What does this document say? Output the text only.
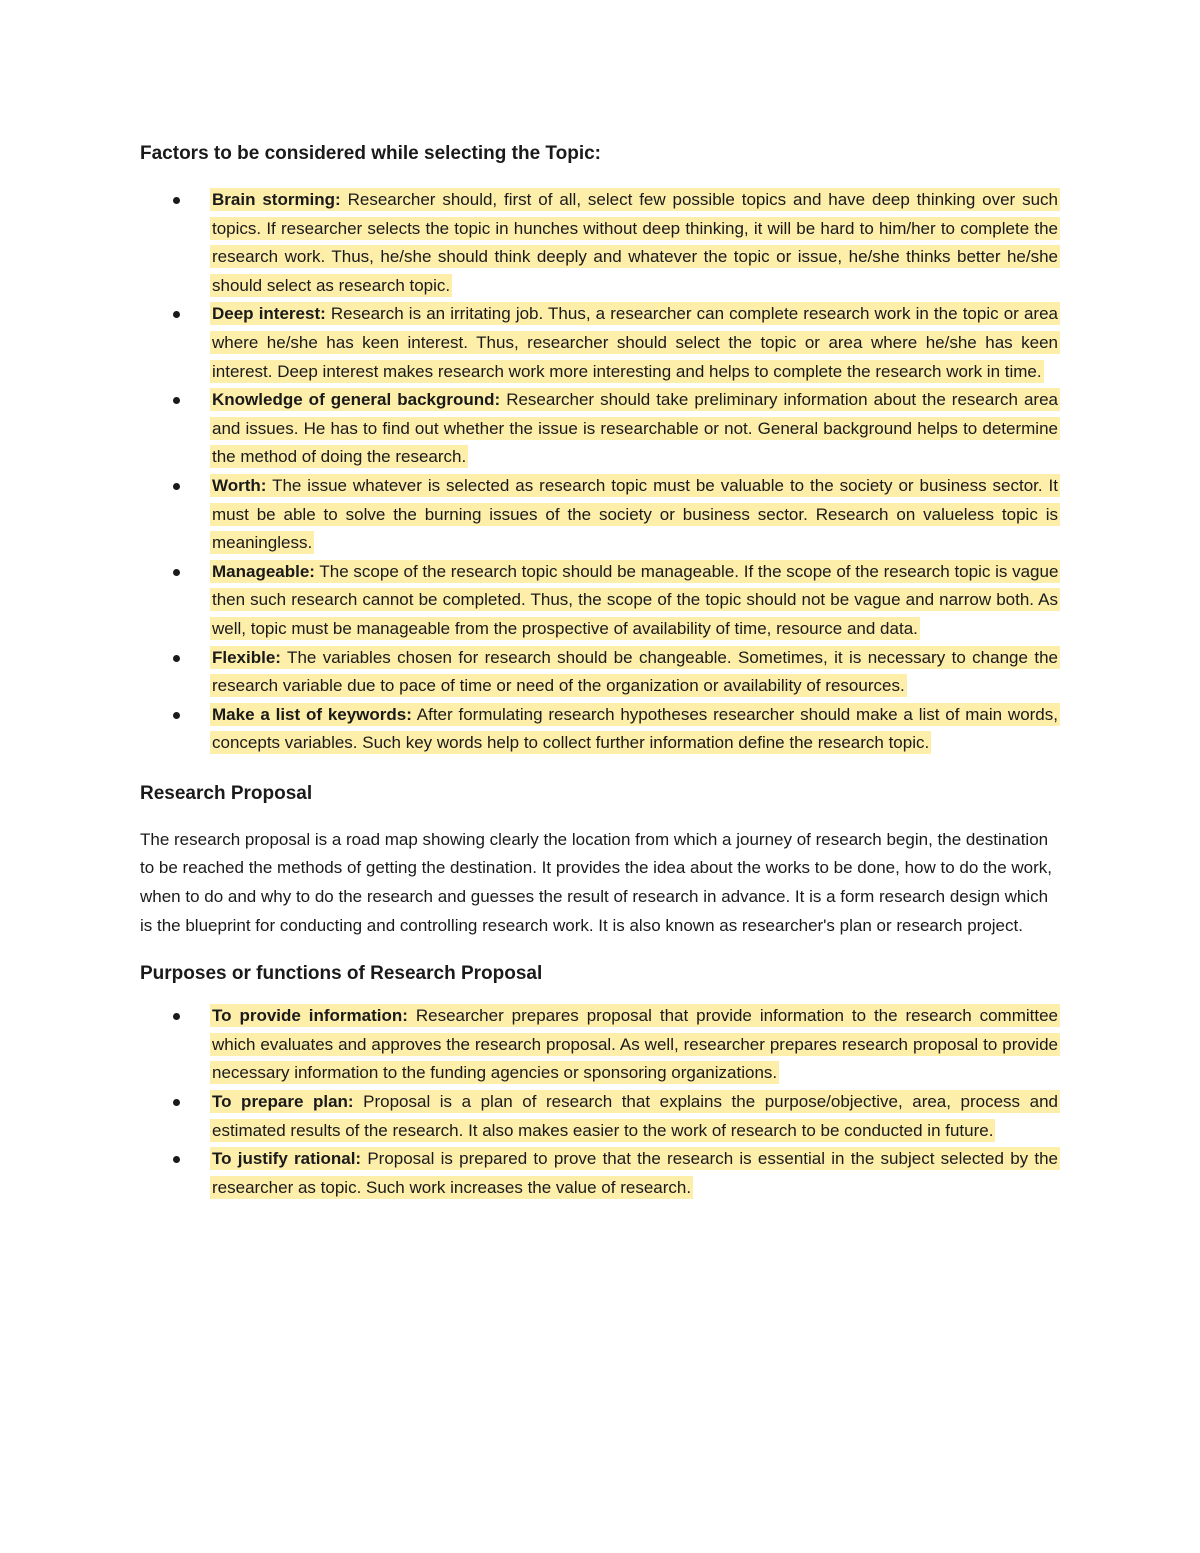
Factors to be considered while selecting the Topic:
Brain storming: Researcher should, first of all, select few possible topics and have deep thinking over such topics. If researcher selects the topic in hunches without deep thinking, it will be hard to him/her to complete the research work. Thus, he/she should think deeply and whatever the topic or issue, he/she thinks better he/she should select as research topic.
Deep interest: Research is an irritating job. Thus, a researcher can complete research work in the topic or area where he/she has keen interest. Thus, researcher should select the topic or area where he/she has keen interest. Deep interest makes research work more interesting and helps to complete the research work in time.
Knowledge of general background: Researcher should take preliminary information about the research area and issues. He has to find out whether the issue is researchable or not. General background helps to determine the method of doing the research.
Worth: The issue whatever is selected as research topic must be valuable to the society or business sector. It must be able to solve the burning issues of the society or business sector. Research on valueless topic is meaningless.
Manageable: The scope of the research topic should be manageable. If the scope of the research topic is vague then such research cannot be completed. Thus, the scope of the topic should not be vague and narrow both. As well, topic must be manageable from the prospective of availability of time, resource and data.
Flexible: The variables chosen for research should be changeable. Sometimes, it is necessary to change the research variable due to pace of time or need of the organization or availability of resources.
Make a list of keywords: After formulating research hypotheses researcher should make a list of main words, concepts variables. Such key words help to collect further information define the research topic.
Research Proposal

The research proposal is a road map showing clearly the location from which a journey of research begin, the destination to be reached the methods of getting the destination. It provides the idea about the works to be done, how to do the work, when to do and why to do the research and guesses the result of research in advance. It is a form research design which is the blueprint for conducting and controlling research work. It is also known as researcher's plan or research project.

Purposes or functions of Research Proposal
To provide information: Researcher prepares proposal that provide information to the research committee which evaluates and approves the research proposal. As well, researcher prepares research proposal to provide necessary information to the funding agencies or sponsoring organizations.
To prepare plan: Proposal is a plan of research that explains the purpose/objective, area, process and estimated results of the research. It also makes easier to the work of research to be conducted in future.
To justify rational: Proposal is prepared to prove that the research is essential in the subject selected by the researcher as topic. Such work increases the value of research.
